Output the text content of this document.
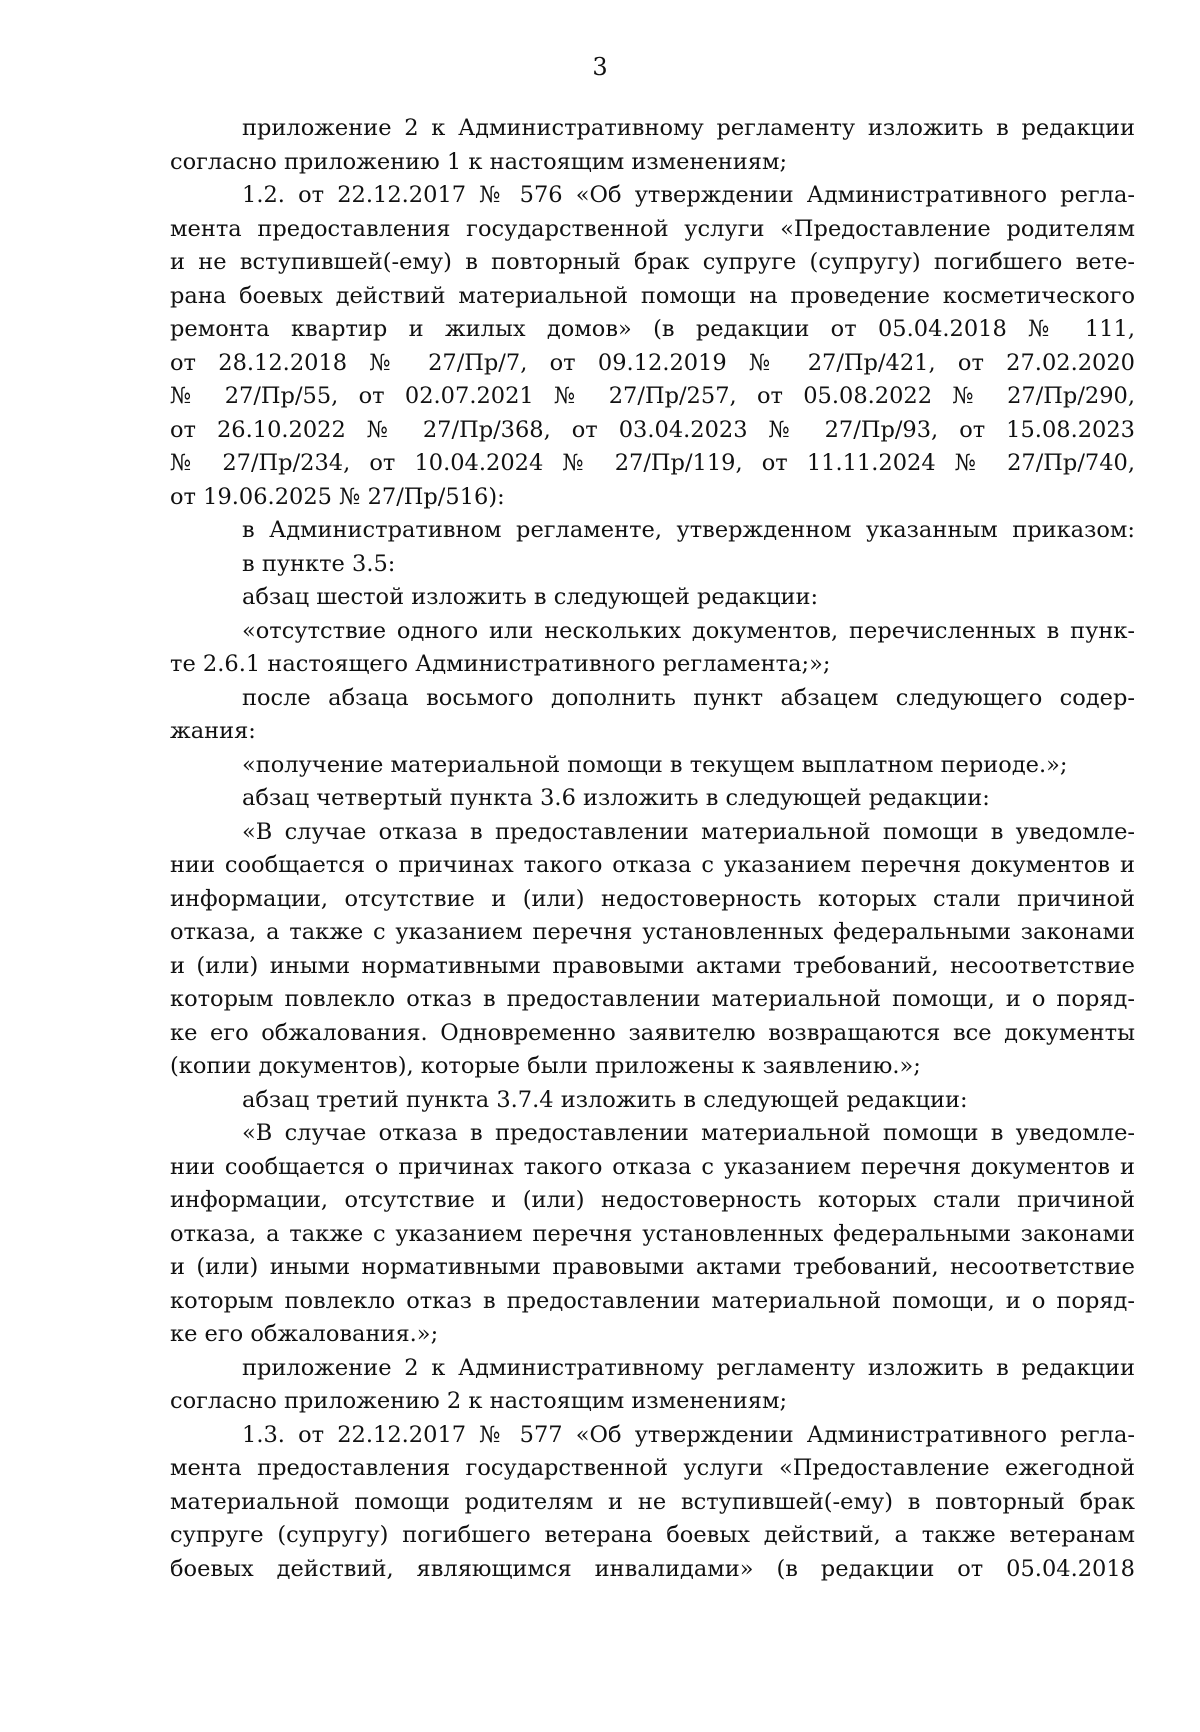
3
приложение 2 к Административному регламенту изложить в редакции
согласно приложению 1 к настоящим изменениям;
1.2. от 22.12.2017 № 576 «Об утверждении Административного регла-
мента предоставления государственной услуги «Предоставление родителям
и не вступившей(-ему) в повторный брак супруге (супругу) погибшего вете-
рана боевых действий материальной помощи на проведение косметического
ремонта квартир и жилых домов» (в редакции от 05.04.2018 № 111,
от 28.12.2018 № 27/Пр/7, от 09.12.2019 № 27/Пр/421, от 27.02.2020
№ 27/Пр/55, от 02.07.2021 № 27/Пр/257, от 05.08.2022 № 27/Пр/290,
от 26.10.2022 № 27/Пр/368, от 03.04.2023 № 27/Пр/93, от 15.08.2023
№ 27/Пр/234, от 10.04.2024 № 27/Пр/119, от 11.11.2024 № 27/Пр/740,
от 19.06.2025 № 27/Пр/516):
в Административном регламенте, утвержденном указанным приказом:
в пункте 3.5:
абзац шестой изложить в следующей редакции:
«отсутствие одного или нескольких документов, перечисленных в пунк-
те 2.6.1 настоящего Административного регламента;»;
после абзаца восьмого дополнить пункт абзацем следующего содер-
жания:
«получение материальной помощи в текущем выплатном периоде.»;
абзац четвертый пункта 3.6 изложить в следующей редакции:
«В случае отказа в предоставлении материальной помощи в уведомле-
нии сообщается о причинах такого отказа с указанием перечня документов и
информации, отсутствие и (или) недостоверность которых стали причиной
отказа, а также с указанием перечня установленных федеральными законами
и (или) иными нормативными правовыми актами требований, несоответствие
которым повлекло отказ в предоставлении материальной помощи, и о поряд-
ке его обжалования. Одновременно заявителю возвращаются все документы
(копии документов), которые были приложены к заявлению.»;
абзац третий пункта 3.7.4 изложить в следующей редакции:
«В случае отказа в предоставлении материальной помощи в уведомле-
нии сообщается о причинах такого отказа с указанием перечня документов и
информации, отсутствие и (или) недостоверность которых стали причиной
отказа, а также с указанием перечня установленных федеральными законами
и (или) иными нормативными правовыми актами требований, несоответствие
которым повлекло отказ в предоставлении материальной помощи, и о поряд-
ке его обжалования.»;
приложение 2 к Административному регламенту изложить в редакции
согласно приложению 2 к настоящим изменениям;
1.3. от 22.12.2017 № 577 «Об утверждении Административного регла-
мента предоставления государственной услуги «Предоставление ежегодной
материальной помощи родителям и не вступившей(-ему) в повторный брак
супруге (супругу) погибшего ветерана боевых действий, а также ветеранам
боевых действий, являющимся инвалидами» (в редакции от 05.04.2018
